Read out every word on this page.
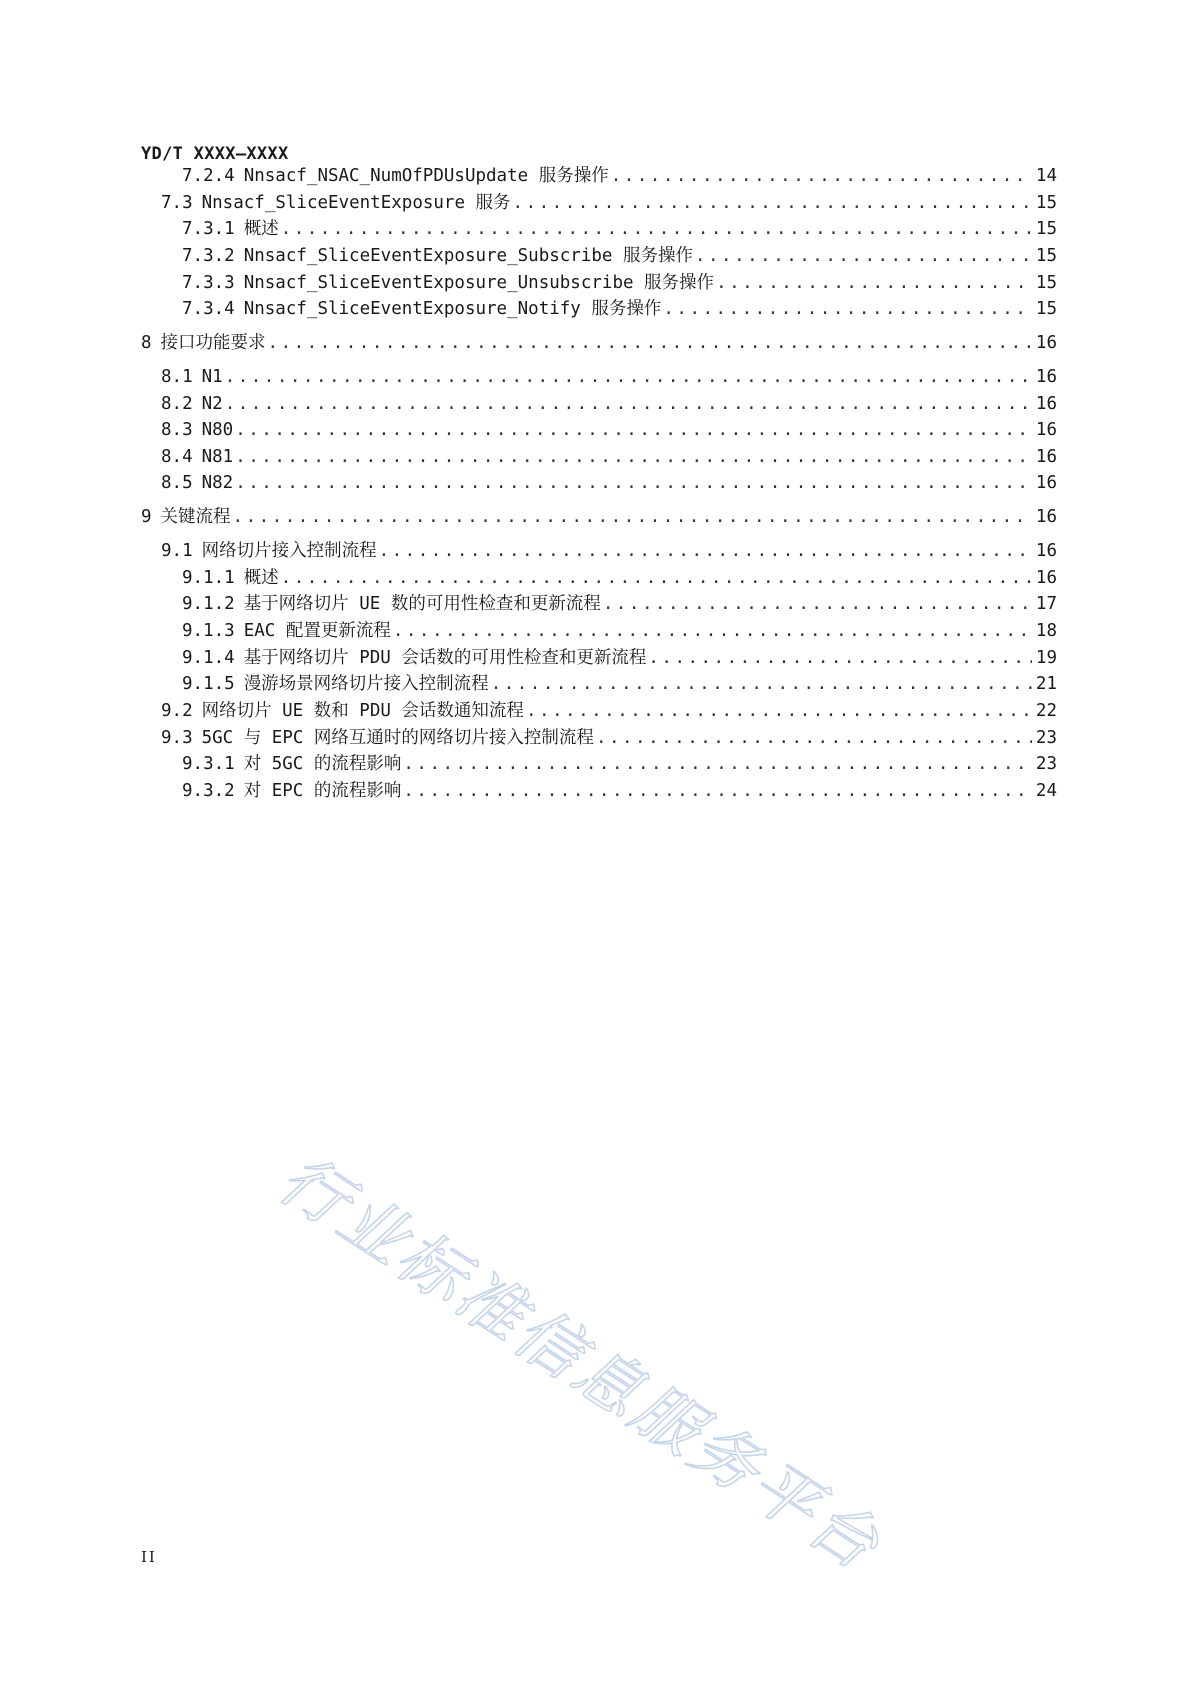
YD/T XXXX—XXXX
7.2.4 Nnsacf_NSAC_NumOfPDUsUpdate 服务操作 .....	14
7.3 Nnsacf_SliceEventExposure 服务 .....	15
7.3.1 概述 .....	15
7.3.2 Nnsacf_SliceEventExposure_Subscribe 服务操作 .....	15
7.3.3 Nnsacf_SliceEventExposure_Unsubscribe 服务操作 .....	15
7.3.4 Nnsacf_SliceEventExposure_Notify 服务操作 .....	15
8 接口功能要求 .....	16
8.1 N1 .....	16
8.2 N2 .....	16
8.3 N80 .....	16
8.4 N81 .....	16
8.5 N82 .....	16
9 关键流程 .....	16
9.1 网络切片接入控制流程 .....	16
9.1.1 概述 .....	16
9.1.2 基于网络切片 UE 数的可用性检查和更新流程 .....	17
9.1.3 EAC 配置更新流程 .....	18
9.1.4 基于网络切片 PDU 会话数的可用性检查和更新流程 .....	19
9.1.5 漫游场景网络切片接入控制流程 .....	21
9.2 网络切片 UE 数和 PDU 会话数通知流程 .....	22
9.3 5GC 与 EPC 网络互通时的网络切片接入控制流程 .....	23
9.3.1 对 5GC 的流程影响 .....	23
9.3.2 对 EPC 的流程影响 .....	24
II 行业标准信息服务平台
